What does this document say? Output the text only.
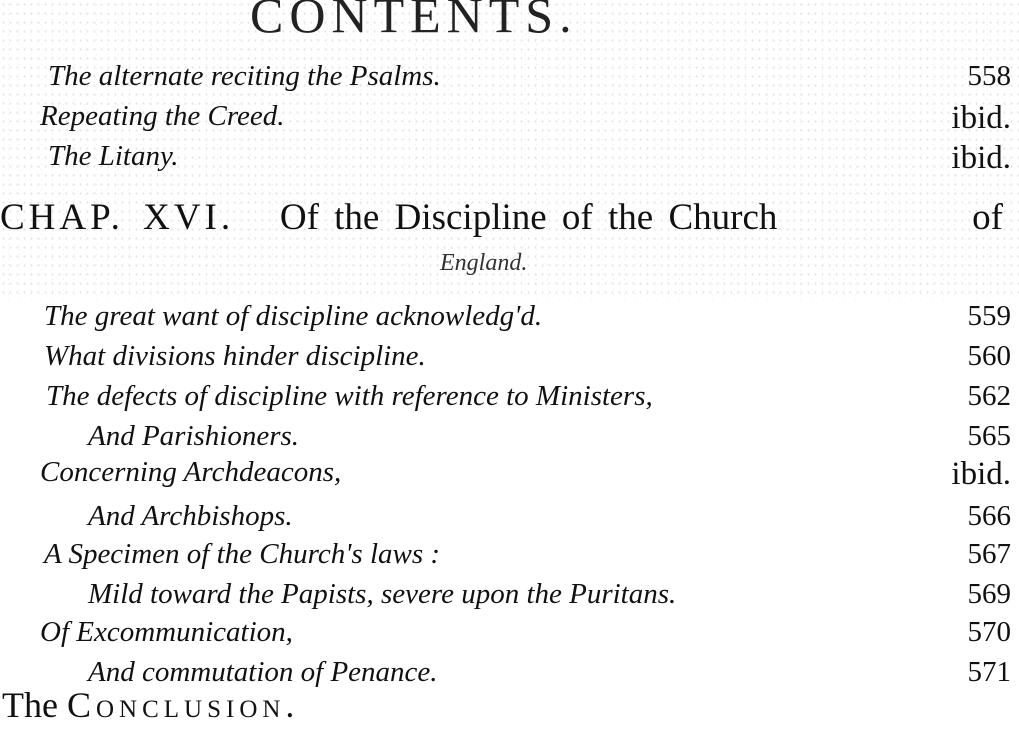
CONTENTS.
The alternate reciting the Psalms.	558
Repeating the Creed.	ibid.
The Litany.	ibid.
CHAP. XVI. Of the Discipline of the Church	of
England.
The great want of discipline acknowledg'd.	559
What divisions hinder discipline.	560
The defects of discipline with reference to Ministers,	562
And Parishioners.	565
Concerning Archdeacons,	ibid.
And Archbishops.	566
A Specimen of the Church's laws :	567
Mild toward the Papists, severe upon the Puritans.	569
Of Excommunication,	570
And commutation of Penance.	571
The Conclusion.
